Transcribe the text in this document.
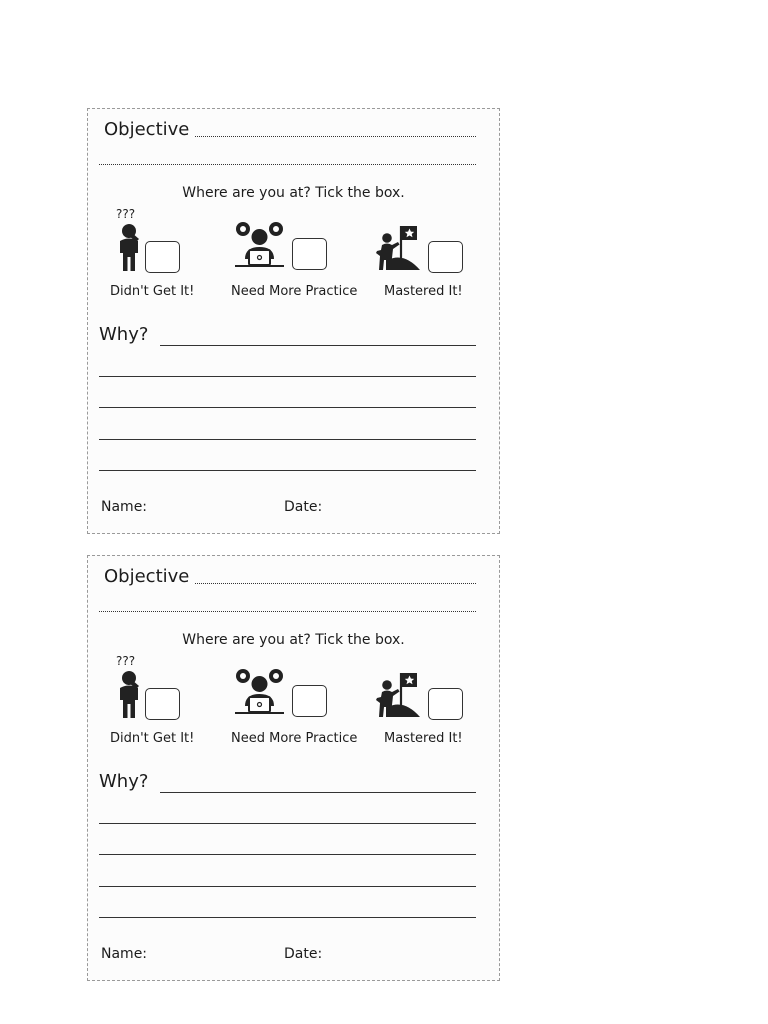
Objective
Where are you at? Tick the box.
???
Didn't Get It!	Need More Practice Mastered It!
Why?
Name:	Date:
Objective
Where are you at? Tick the box.
???
Didn't Get It!	Need More Practice Mastered It!
Why?
Name:	Date:
